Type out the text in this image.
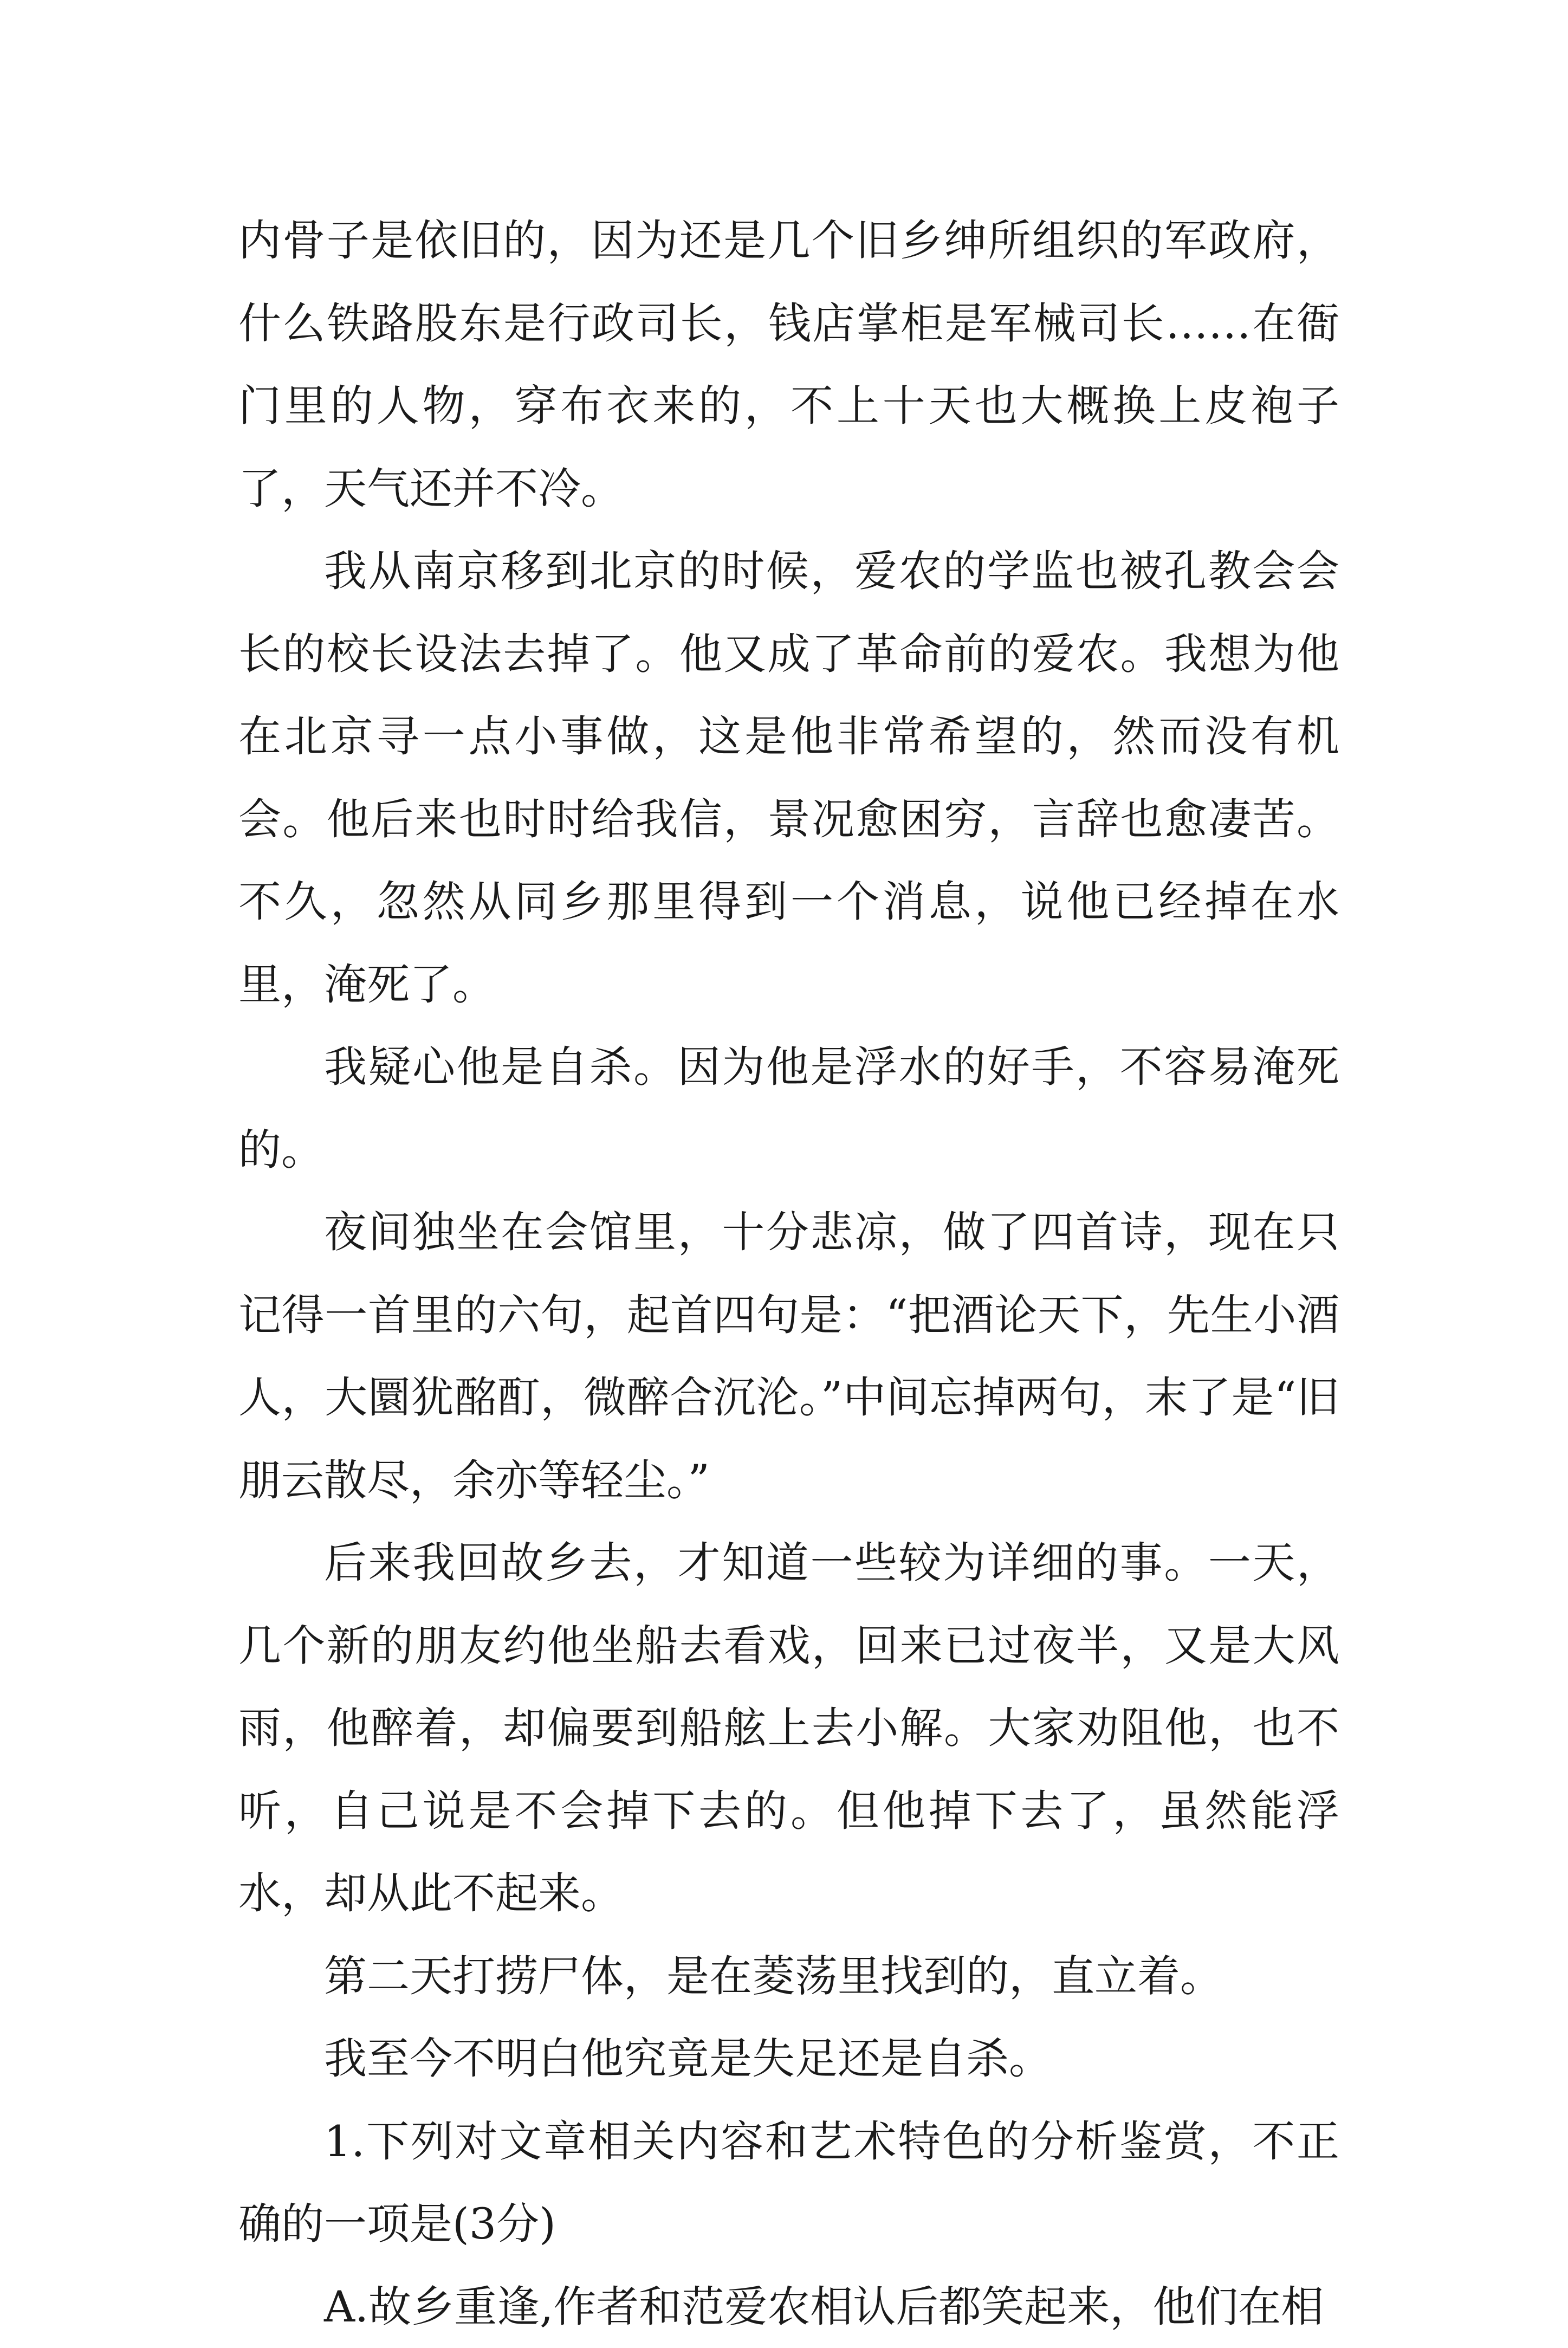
内骨子是依旧的，因为还是几个旧乡绅所组织的军政府，什么铁路股东是行政司长，钱店掌柜是军械司长……在衙门里的人物，穿布衣来的，不上十天也大概换上皮袍子了，天气还并不冷。

我从南京移到北京的时候，爱农的学监也被孔教会会长的校长设法去掉了。他又成了革命前的爱农。我想为他在北京寻一点小事做，这是他非常希望的，然而没有机会。他后来也时时给我信，景况愈困穷，言辞也愈凄苦。不久，忽然从同乡那里得到一个消息，说他已经掉在水里，淹死了。

我疑心他是自杀。因为他是浮水的好手，不容易淹死的。

夜间独坐在会馆里，十分悲凉，做了四首诗，现在只记得一首里的六句，起首四句是：“把酒论天下，先生小酒人，大圜犹酩酊，微醉合沉沦。”中间忘掉两句，末了是“旧朋云散尽，余亦等轻尘。”

后来我回故乡去，才知道一些较为详细的事。一天，几个新的朋友约他坐船去看戏，回来已过夜半，又是大风雨，他醉着，却偏要到船舷上去小解。大家劝阻他，也不听，自己说是不会掉下去的。但他掉下去了，虽然能浮水，却从此不起来。

第二天打捞尸体，是在菱荡里找到的，直立着。

我至今不明白他究竟是失足还是自杀。

1.下列对文章相关内容和艺术特色的分析鉴赏，不正确的一项是(3分)

A.故乡重逢,作者和范爱农相认后都笑起来，他们在相
